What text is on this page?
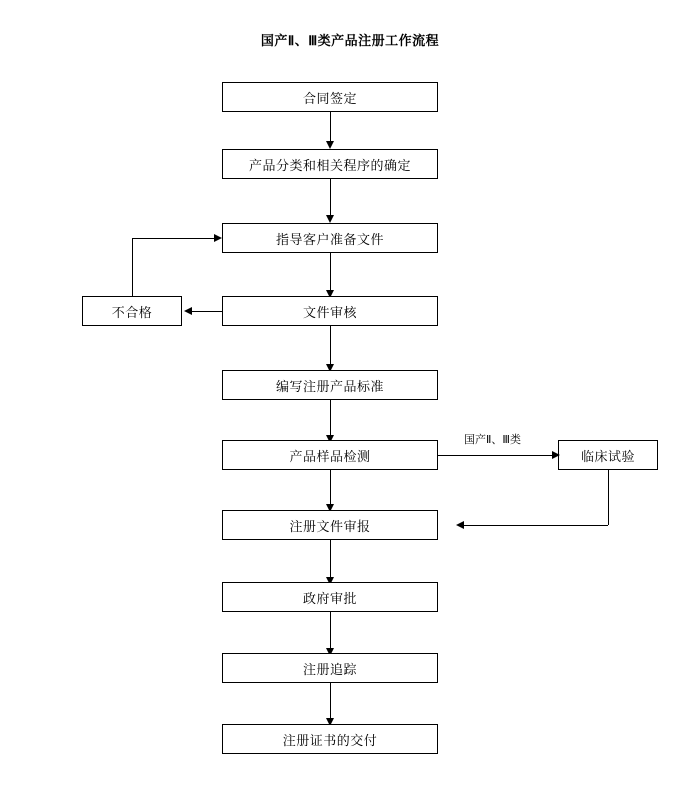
国产Ⅱ、Ⅲ类产品注册工作流程
合同签定
产品分类和相关程序的确定
指导客户准备文件
文件审核
不合格
编写注册产品标准
产品样品检测	临床试验
国产Ⅱ、Ⅲ类
注册文件审报
政府审批
注册追踪
注册证书的交付
